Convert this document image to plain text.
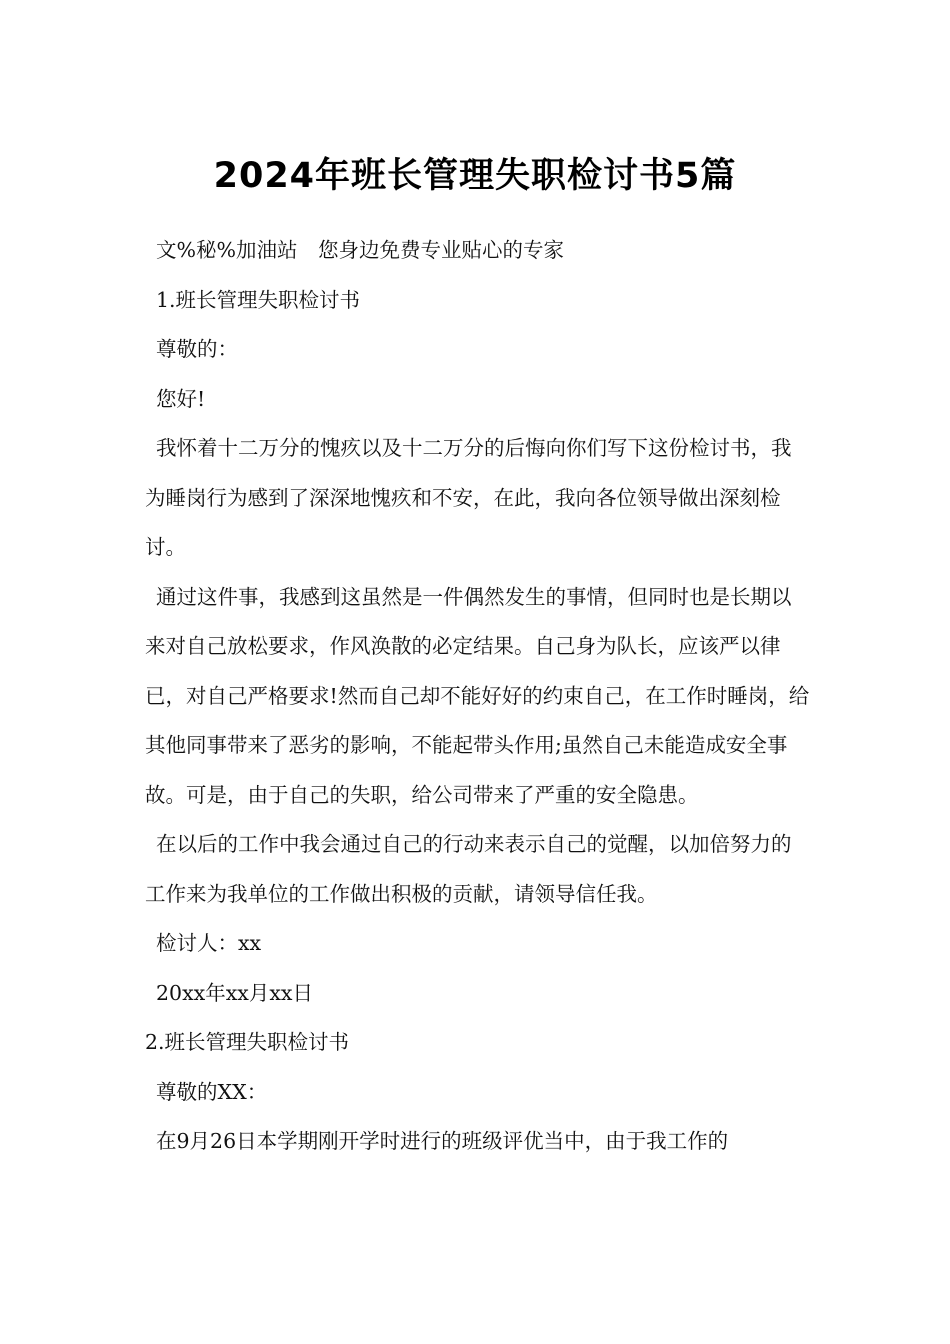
2024年班长管理失职检讨书5篇

文%秘%加油站　您身边免费专业贴心的专家

1.班长管理失职检讨书

尊敬的：

您好!

我怀着十二万分的愧疚以及十二万分的后悔向你们写下这份检讨书，我为睡岗行为感到了深深地愧疚和不安，在此，我向各位领导做出深刻检讨。

通过这件事，我感到这虽然是一件偶然发生的事情，但同时也是长期以来对自己放松要求，作风涣散的必定结果。自己身为队长，应该严以律已，对自己严格要求!然而自己却不能好好的约束自己，在工作时睡岗，给其他同事带来了恶劣的影响，不能起带头作用;虽然自己未能造成安全事故。可是，由于自己的失职，给公司带来了严重的安全隐患。

在以后的工作中我会通过自己的行动来表示自己的觉醒，以加倍努力的工作来为我单位的工作做出积极的贡献，请领导信任我。

检讨人：xx

20xx年xx月xx日

2.班长管理失职检讨书

尊敬的XX：

在9月26日本学期刚开学时进行的班级评优当中，由于我工作的
